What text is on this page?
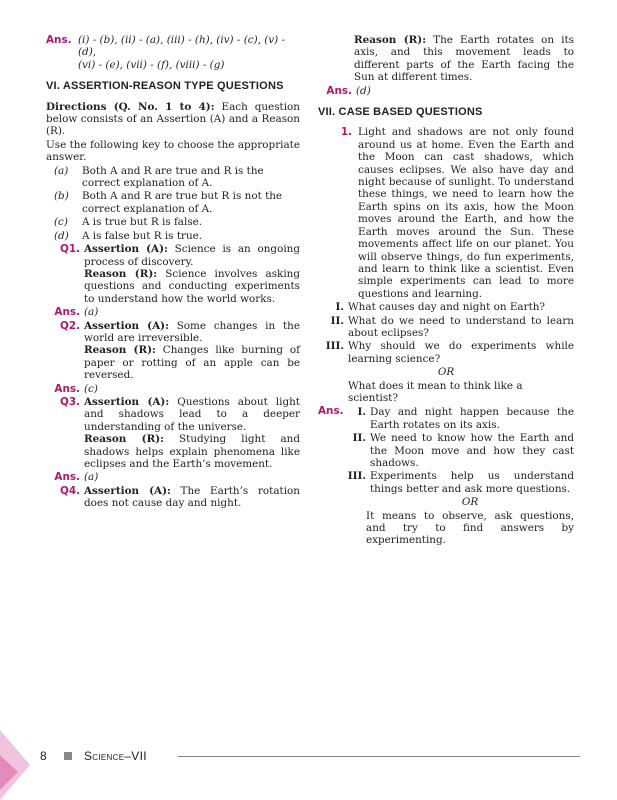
Ans. (i) - (b), (ii) - (a), (iii) - (h), (iv) - (c), (v) - (d),
(vi) - (e), (vii) - (f), (viii) - (g)
VI. ASSERTION-REASON TYPE QUESTIONS
Directions (Q. No. 1 to 4): Each question below consists of an Assertion (A) and a Reason (R).
Use the following key to choose the appropriate answer.
(a)	Both A and R are true and R is the correct explanation of A.
(b)	Both A and R are true but R is not the correct explanation of A.
(c)	A is true but R is false.
(d)	A is false but R is true.
Q1. Assertion (A): Science is an ongoing process of discovery.
Reason (R): Science involves asking questions and conducting experiments to understand how the world works.
Ans. (a)
Q2. Assertion (A): Some changes in the world are irreversible.
Reason (R): Changes like burning of paper or rotting of an apple can be reversed.
Ans. (c)
Q3. Assertion (A): Questions about light and shadows lead to a deeper understanding of the universe.
Reason (R): Studying light and shadows helps explain phenomena like eclipses and the Earth’s movement.
Ans. (a)
Q4. Assertion (A): The Earth’s rotation does not cause day and night.
Reason (R): The Earth rotates on its axis, and this movement leads to different parts of the Earth facing the Sun at different times.
Ans. (d)
VII. CASE BASED QUESTIONS
1. Light and shadows are not only found around us at home. Even the Earth and the Moon can cast shadows, which causes eclipses. We also have day and night because of sunlight. To understand these things, we need to learn how the Earth spins on its axis, how the Moon moves around the Earth, and how the Earth moves around the Sun. These movements affect life on our planet. You will observe things, do fun experiments, and learn to think like a scientist. Even simple experiments can lead to more questions and learning.
I. What causes day and night on Earth?
II. What do we need to understand to learn about eclipses?
III. Why should we do experiments while learning science?
OR
What does it mean to think like a scientist?
Ans.	I. Day and night happen because the Earth rotates on its axis.
II. We need to know how the Earth and the Moon move and how they cast shadows.
III. Experiments help us understand things better and ask more questions.
OR
It means to observe, ask questions, and try to find answers by experimenting.
8	Science–VII
